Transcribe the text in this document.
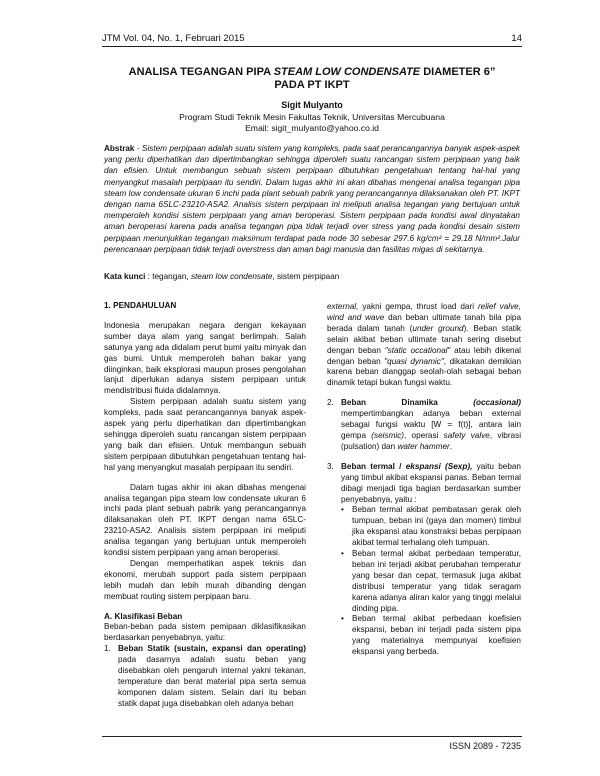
JTM Vol. 04, No. 1, Februari 2015	14
ANALISA TEGANGAN PIPA STEAM LOW CONDENSATE DIAMETER 6”
PADA PT IKPT
Sigit Mulyanto
Program Studi Teknik Mesin Fakultas Teknik, Universitas Mercubuana
Email: sigit_mulyanto@yahoo.co.id
Abstrak - Sistem perpipaan adalah suatu sistem yang kompleks, pada saat perancangannya banyak aspek-aspek yang perlu diperhatikan dan dipertimbangkan sehingga diperoleh suatu rancangan sistem perpipaan yang baik dan efisien. Untuk membangun sebuah sistem perpipaan dibutuhkan pengetahuan tentang hal-hal yang menyangkut masalah perpipaan itu sendiri. Dalam tugas akhir ini akan dibahas mengenai analisa tegangan pipa steam low condensate ukuran 6 inchi pada plant sebuah pabrik yang perancangannya dilaksanakan oleh PT. IKPT dengan nama 6SLC-23210-ASA2. Analisis sistem perpipaan ini meliputi analisa tegangan yang bertujuan untuk memperoleh kondisi sistem perpipaan yang aman beroperasi. Sistem perpipaan pada kondisi awal dinyatakan aman beroperasi karena pada analisa tegangan pipa tidak terjadi over stress yang pada kondisi desain sistem perpipaan menunjukkan tegangan maksimum terdapat pada node 30 sebesar 297.6 kg/cm² = 29.18 N/mm².Jalur perencanaan perpipaan tidak terjadi overstress dan aman bagi manusia dan fasilitas migas di sekitarnya.
Kata kunci : tegangan, steam low condensate, sistem perpipaan

1. PENDAHULUAN

Indonesia merupakan negara dengan kekayaan sumber daya alam yang sangat berlimpah. Salah satunya yang ada didalam perut bumi yaitu minyak dan gas bumi. Untuk memperoleh bahan bakar yang diinginkan, baik eksplorasi maupun proses pengolahan lanjut diperlukan adanya sistem perpipaan untuk mendistribusi fluida didalamnya.

Sistem perpipaan adalah suatu sistem yang kompleks, pada saat perancangannya banyak aspek-aspek yang perlu diperhatikan dan dipertimbangkan sehingga diperoleh suatu rancangan sistem perpipaan yang baik dan efisien. Untuk membangun sebuah sistem perpipaan dibutuhkan pengetahuan tentang hal-hal yang menyangkut masalah perpipaan itu sendiri.

Dalam tugas akhir ini akan dibahas mengenai analisa tegangan pipa steam low condensate ukuran 6 inchi pada plant sebuah pabrik yang perancangannya dilaksanakan oleh PT. IKPT dengan nama 6SLC-23210-ASA2. Analisis sistem perpipaan ini meliputi analisa tegangan yang bertujuan untuk memperoleh kondisi sistem perpipaan yang aman beroperasi.

Dengan memperhatikan aspek teknis dan ekonomi, merubah support pada sistem perpipaan lebih mudah dan lebih murah dibanding dengan membuat routing sistem perpipaan baru.

A. Klasifikasi Beban

Beban-beban pada sistem pemipaan diklasifikasikan berdasarkan penyebabnya, yaitu:

1. Beban Statik (sustain, expansi dan operating) pada dasarnya adalah suatu beban yang disebabkan oleh pengaruh internal yakni tekanan, temperature dan berat material pipa serta semua komponen dalam sistem. Selain dari itu beban statik dapat juga disebabkan oleh adanya beban

external, yakni gempa, thrust load dari relief valve, wind and wave dan beban ultimate tanah bila pipa berada dalam tanah (under ground). Beban statik selain akibat beban ultimate tanah sering disebut dengan beban "static occational" atau lebih dikenal dengan beban "quasi dynamic", dikatakan demikian karena beban dianggap seolah-olah sebagai beban dinamik tetapi bukan fungsi waktu.

2. Beban Dinamika (occasional) mempertimbangkan adanya beban external sebagai fungsi waktu [W = f(t)], antara lain gempa (seismic), operasi safety valve, vibrasi (pulsation) dan water hammer.
3. Beban termal / ekspansi (Sexp), yaitu beban yang timbul akibat ekspansi panas. Beban termal dibagi menjadi tiga bagian berdasarkan sumber penyebabnya, yaitu :
• Beban termal akibat pembatasan gerak oleh tumpuan, beban ini (gaya dan momen) timbul jika ekspansi atau konstraksi bebas perpipaan akibat termal terhalang oleh tumpuan.
• Beban termal akibat perbedaan temperatur, beban ini terjadi akibat perubahan temperatur yang besar dan cepat, termasuk juga akibat distribusi temperatur yang tidak seragam karena adanya aliran kalor yang tinggi melalui dinding pipa.
• Beban termal akibat perbedaan koefisien ekspansi, beban ini terjadi pada sistem pipa yang materialnya mempunyai koefisien ekspansi yang berbeda.
ISSN 2089 - 7235
